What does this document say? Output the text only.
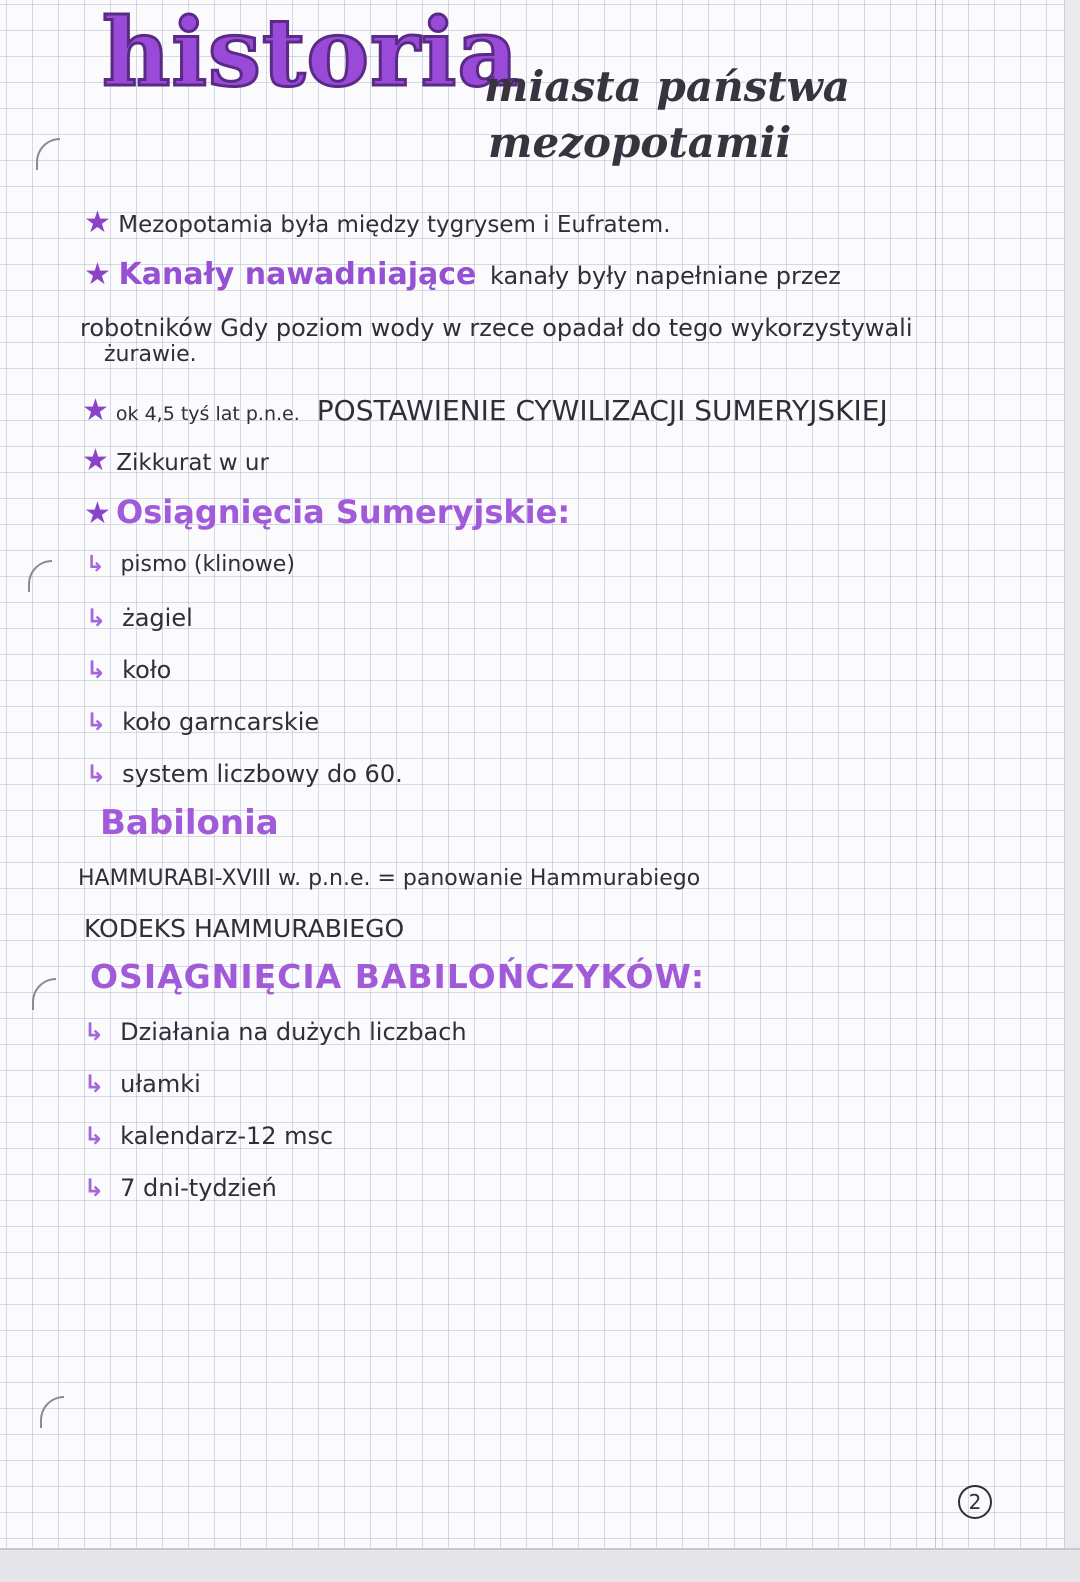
historia
miasta państwa
mezopotamii
★ Mezopotamia była między tygrysem i Eufratem.
★ Kanały nawadniające kanały były napełniane przez
robotników Gdy poziom wody w rzece opadał do tego wykorzystywali
żurawie.
★ ok 4,5 tyś lat p.n.e. POSTAWIENIE CYWILIZACJI SUMERYJSKIEJ
★ Zikkurat w ur
★ Osiągnięcia Sumeryjskie:
↳ pismo (klinowe)
↳ żagiel
↳ koło
↳ koło garncarskie
↳ system liczbowy do 60.
Babilonia
HAMMURABI-XVIII w. p.n.e. = panowanie Hammurabiego
KODEKS HAMMURABIEGO
OSIĄGNIĘCIA BABILOŃCZYKÓW:
↳ Działania na dużych liczbach
↳ ułamki
↳ kalendarz-12 msc
↳ 7 dni-tydzień
2
